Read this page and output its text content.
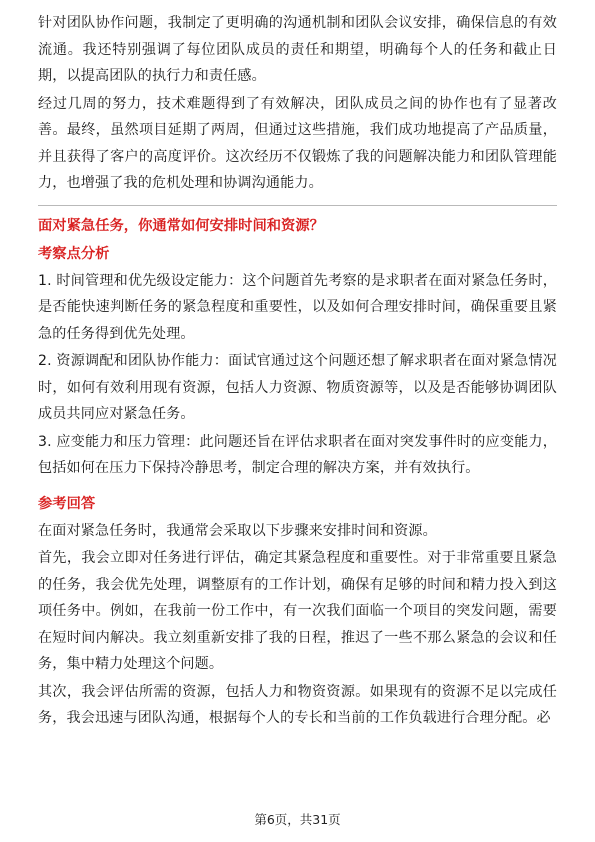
针对团队协作问题，我制定了更明确的沟通机制和团队会议安排，确保信息的有效流通。我还特别强调了每位团队成员的责任和期望，明确每个人的任务和截止日期，以提高团队的执行力和责任感。

经过几周的努力，技术难题得到了有效解决，团队成员之间的协作也有了显著改善。最终，虽然项目延期了两周，但通过这些措施，我们成功地提高了产品质量，并且获得了客户的高度评价。这次经历不仅锻炼了我的问题解决能力和团队管理能力，也增强了我的危机处理和协调沟通能力。

面对紧急任务，你通常如何安排时间和资源？
考察点分析

1. 时间管理和优先级设定能力：这个问题首先考察的是求职者在面对紧急任务时，是否能快速判断任务的紧急程度和重要性，以及如何合理安排时间，确保重要且紧急的任务得到优先处理。

2. 资源调配和团队协作能力：面试官通过这个问题还想了解求职者在面对紧急情况时，如何有效利用现有资源，包括人力资源、物质资源等，以及是否能够协调团队成员共同应对紧急任务。

3. 应变能力和压力管理：此问题还旨在评估求职者在面对突发事件时的应变能力，包括如何在压力下保持冷静思考，制定合理的解决方案，并有效执行。

参考回答

在面对紧急任务时，我通常会采取以下步骤来安排时间和资源。

首先，我会立即对任务进行评估，确定其紧急程度和重要性。对于非常重要且紧急的任务，我会优先处理，调整原有的工作计划，确保有足够的时间和精力投入到这项任务中。例如，在我前一份工作中，有一次我们面临一个项目的突发问题，需要在短时间内解决。我立刻重新安排了我的日程，推迟了一些不那么紧急的会议和任务，集中精力处理这个问题。

其次，我会评估所需的资源，包括人力和物资资源。如果现有的资源不足以完成任务，我会迅速与团队沟通，根据每个人的专长和当前的工作负载进行合理分配。必

第6页，共31页
